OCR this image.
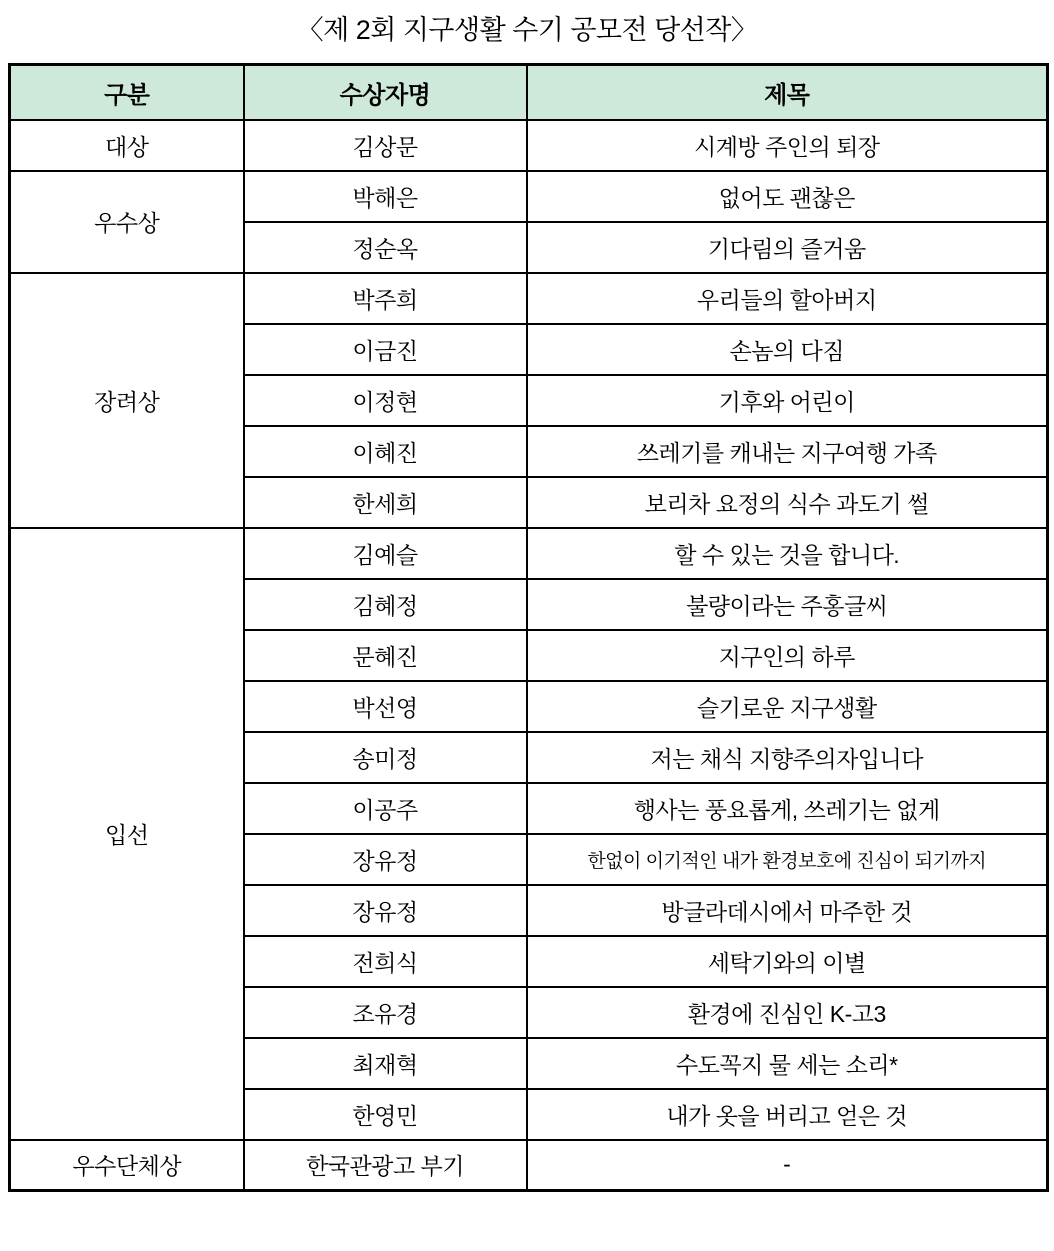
〈제 2회 지구생활 수기 공모전 당선작〉
구분	수상자명	제목
대상	김상문	시계방 주인의 퇴장
우수상	박해은	없어도 괜찮은
	정순옥	기다림의 즐거움
장려상	박주희	우리들의 할아버지
	이금진	손놈의 다짐
	이정현	기후와 어린이
	이혜진	쓰레기를 캐내는 지구여행 가족
	한세희	보리차 요정의 식수 과도기 썰
입선	김예슬	할 수 있는 것을 합니다.
	김혜정	불량이라는 주홍글씨
	문혜진	지구인의 하루
	박선영	슬기로운 지구생활
	송미정	저는 채식 지향주의자입니다
	이공주	행사는 풍요롭게, 쓰레기는 없게
	장유정	한없이 이기적인 내가 환경보호에 진심이 되기까지
	장유정	방글라데시에서 마주한 것
	전희식	세탁기와의 이별
	조유경	환경에 진심인 K-고3
	최재혁	수도꼭지 물 세는 소리*
	한영민	내가 옷을 버리고 얻은 것
우수단체상	한국관광고 부기	-
